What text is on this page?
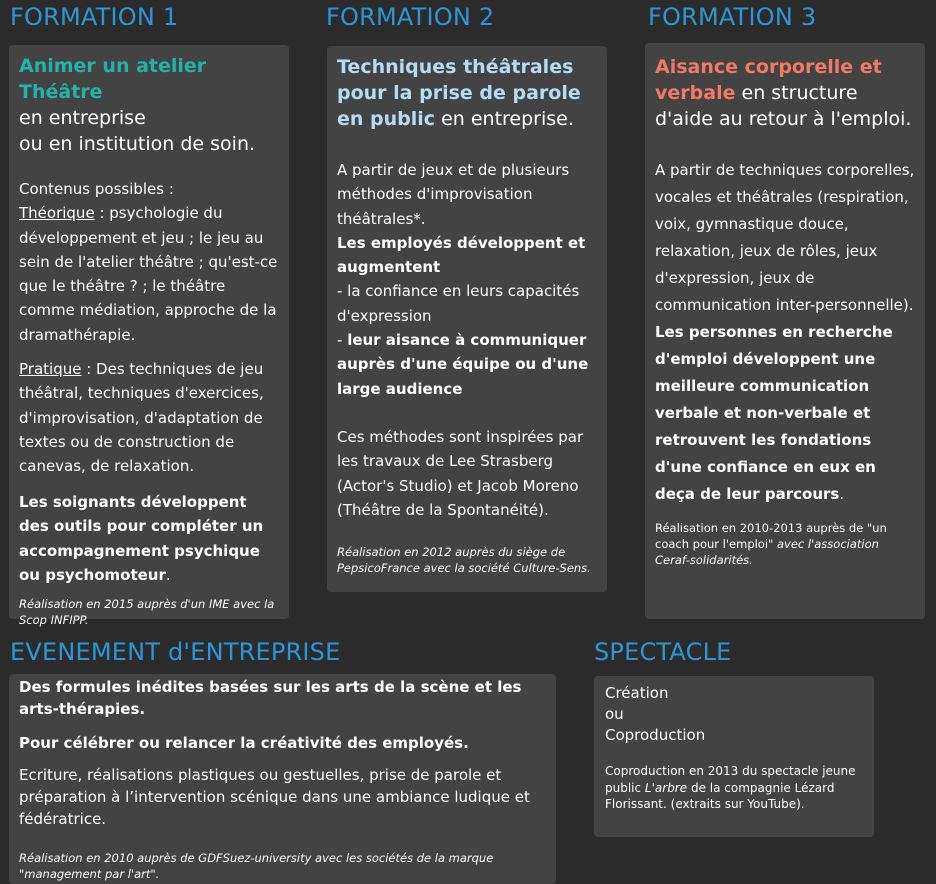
FORMATION 1
Animer un atelier Théâtre
en entreprise
ou en institution de soin.

Contenus possibles :
Théorique : psychologie du développement et jeu ; le jeu au sein de l'atelier théâtre ; qu'est-ce que le théâtre ? ; le théâtre comme médiation, approche de la dramathérapie.

Pratique : Des techniques de jeu théâtral, techniques d'exercices, d'improvisation, d'adaptation de textes ou de construction de canevas, de relaxation.

Les soignants développent des outils pour compléter un accompagnement psychique ou psychomoteur.

Réalisation en 2015 auprès d'un IME avec la Scop INFIPP.

FORMATION 2
Techniques théâtrales pour la prise de parole en public en entreprise.

A partir de jeux et de plusieurs méthodes d'improvisation théâtrales*.

Les employés développent et augmentent

- la confiance en leurs capacités d'expression

- leur aisance à communiquer auprès d'une équipe ou d'une large audience

Ces méthodes sont inspirées par les travaux de Lee Strasberg (Actor's Studio) et Jacob Moreno (Théâtre de la Spontanéité).

Réalisation en 2012 auprès du siège de PepsicoFrance avec la société Culture-Sens.

FORMATION 3
Aisance corporelle et verbale en structure d'aide au retour à l'emploi.

A partir de techniques corporelles, vocales et théâtrales (respiration, voix, gymnastique douce, relaxation, jeux de rôles, jeux d'expression, jeux de communication inter-personnelle).

Les personnes en recherche d'emploi développent une meilleure communication verbale et non-verbale et retrouvent les fondations d'une confiance en eux en deça de leur parcours.

Réalisation en 2010-2013 auprès de "un coach pour l'emploi" avec l'association Ceraf-solidarités.

EVENEMENT d'ENTREPRISE

Des formules inédites basées sur les arts de la scène et les arts-thérapies.

Pour célébrer ou relancer la créativité des employés.

Ecriture, réalisations plastiques ou gestuelles, prise de parole et préparation à l’intervention scénique dans une ambiance ludique et fédératrice.

Réalisation en 2010 auprès de GDFSuez-university avec les sociétés de la marque "management par l'art".

SPECTACLE
Création
ou
Coproduction

Coproduction en 2013 du spectacle jeune public L'arbre de la compagnie Lézard Florissant. (extraits sur YouTube).
